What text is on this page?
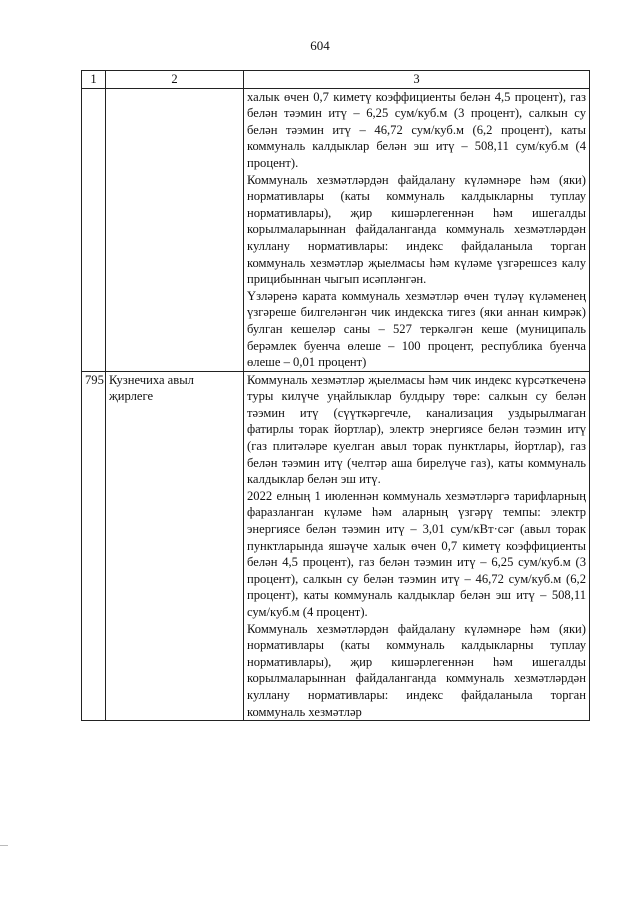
604
1	2	3

		халык өчен 0,7 киметү коэффициенты белән 4,5 процент), газ белән тәэмин итү – 6,25 сум/куб.м (3 процент), салкын су белән тәэмин итү – 46,72 сум/куб.м (6,2 процент), каты коммуналь калдыклар белән эш итү – 508,11 сум/куб.м (4 процент).

Коммуналь хезмәтләрдән файдалану күләмнәре һәм (яки) нормативлары (каты коммуналь калдыкларны туплау нормативлары), җир кишәрлегеннән һәм ишегалды корылмаларыннан файдаланганда коммуналь хезмәтләрдән куллану нормативлары: индекс файдаланыла торган коммуналь хезмәтләр җыелмасы һәм күләме үзгәрешсез калу прицибыннан чыгып исәпләнгән.

Үзләренә карата коммуналь хезмәтләр өчен түләү күләменең үзгәреше билгеләнгән чик индекска тигез (яки аннан кимрәк) булган кешеләр саны – 527 теркәлгән кеше (муниципаль берәмлек буенча өлеше – 100 процент, республика буенча өлеше – 0,01 процент)

795	Кузнечиха авыл җирлеге	Коммуналь хезмәтләр җыелмасы һәм чик индекс күрсәткеченә туры килүче уңайлыклар булдыру төре: салкын су белән тәэмин итү (сүүткәргечле, канализация уздырылмаган фатирлы торак йортлар), электр энергиясе белән тәэмин итү (газ плитәләре куелган авыл торак пунктлары, йортлар), газ белән тәэмин итү (челтәр аша бирелүче газ), каты коммуналь калдыклар белән эш итү.

2022 елның 1 июленнән коммуналь хезмәтләргә тарифларның фаразланган күләме һәм аларның үзгәрү темпы: электр энергиясе белән тәэмин итү – 3,01 сум/кВт·сәг (авыл торак пунктларында яшәүче халык өчен 0,7 киметү коэффициенты белән 4,5 процент), газ белән тәэмин итү – 6,25 сум/куб.м (3 процент), салкын су белән тәэмин итү – 46,72 сум/куб.м (6,2 процент), каты коммуналь калдыклар белән эш итү – 508,11 сум/куб.м (4 процент).

Коммуналь хезмәтләрдән файдалану күләмнәре һәм (яки) нормативлары (каты коммуналь калдыкларны туплау нормативлары), җир кишәрлегеннән һәм ишегалды корылмаларыннан файдаланганда коммуналь хезмәтләрдән куллану нормативлары: индекс файдаланыла торган коммуналь хезмәтләр
